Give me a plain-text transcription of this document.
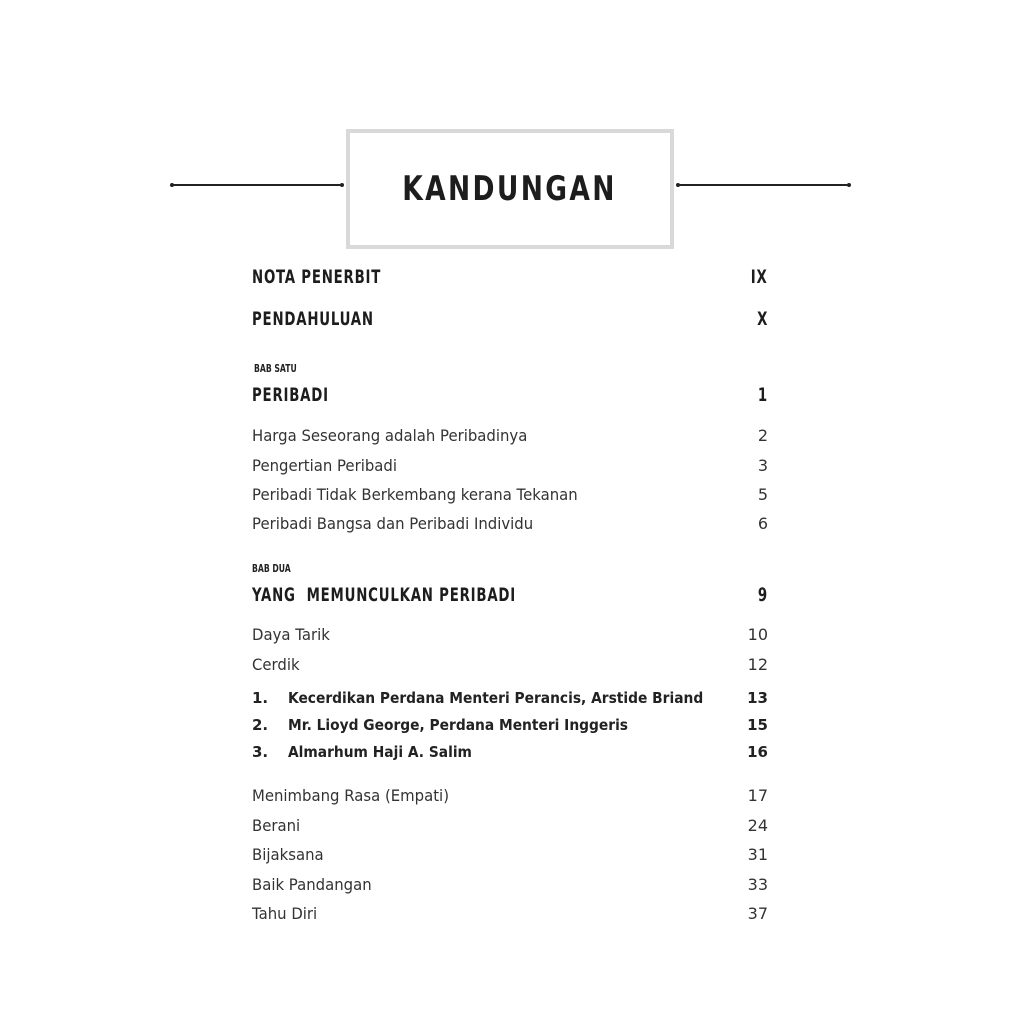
KANDUNGAN
NOTA PENERBIT	IX
PENDAHULUAN	X
BAB SATU
PERIBADI	1
Harga Seseorang adalah Peribadinya	2
Pengertian Peribadi	3
Peribadi Tidak Berkembang kerana Tekanan	5
Peribadi Bangsa dan Peribadi Individu	6
BAB DUA
YANG  MEMUNCULKAN PERIBADI	9
Daya Tarik	10
Cerdik	12
1.	Kecerdikan Perdana Menteri Perancis, Arstide Briand	13
2.	Mr. Lioyd George, Perdana Menteri Inggeris	15
3.	Almarhum Haji A. Salim	16
Menimbang Rasa (Empati)	17
Berani	24
Bijaksana	31
Baik Pandangan	33
Tahu Diri	37
